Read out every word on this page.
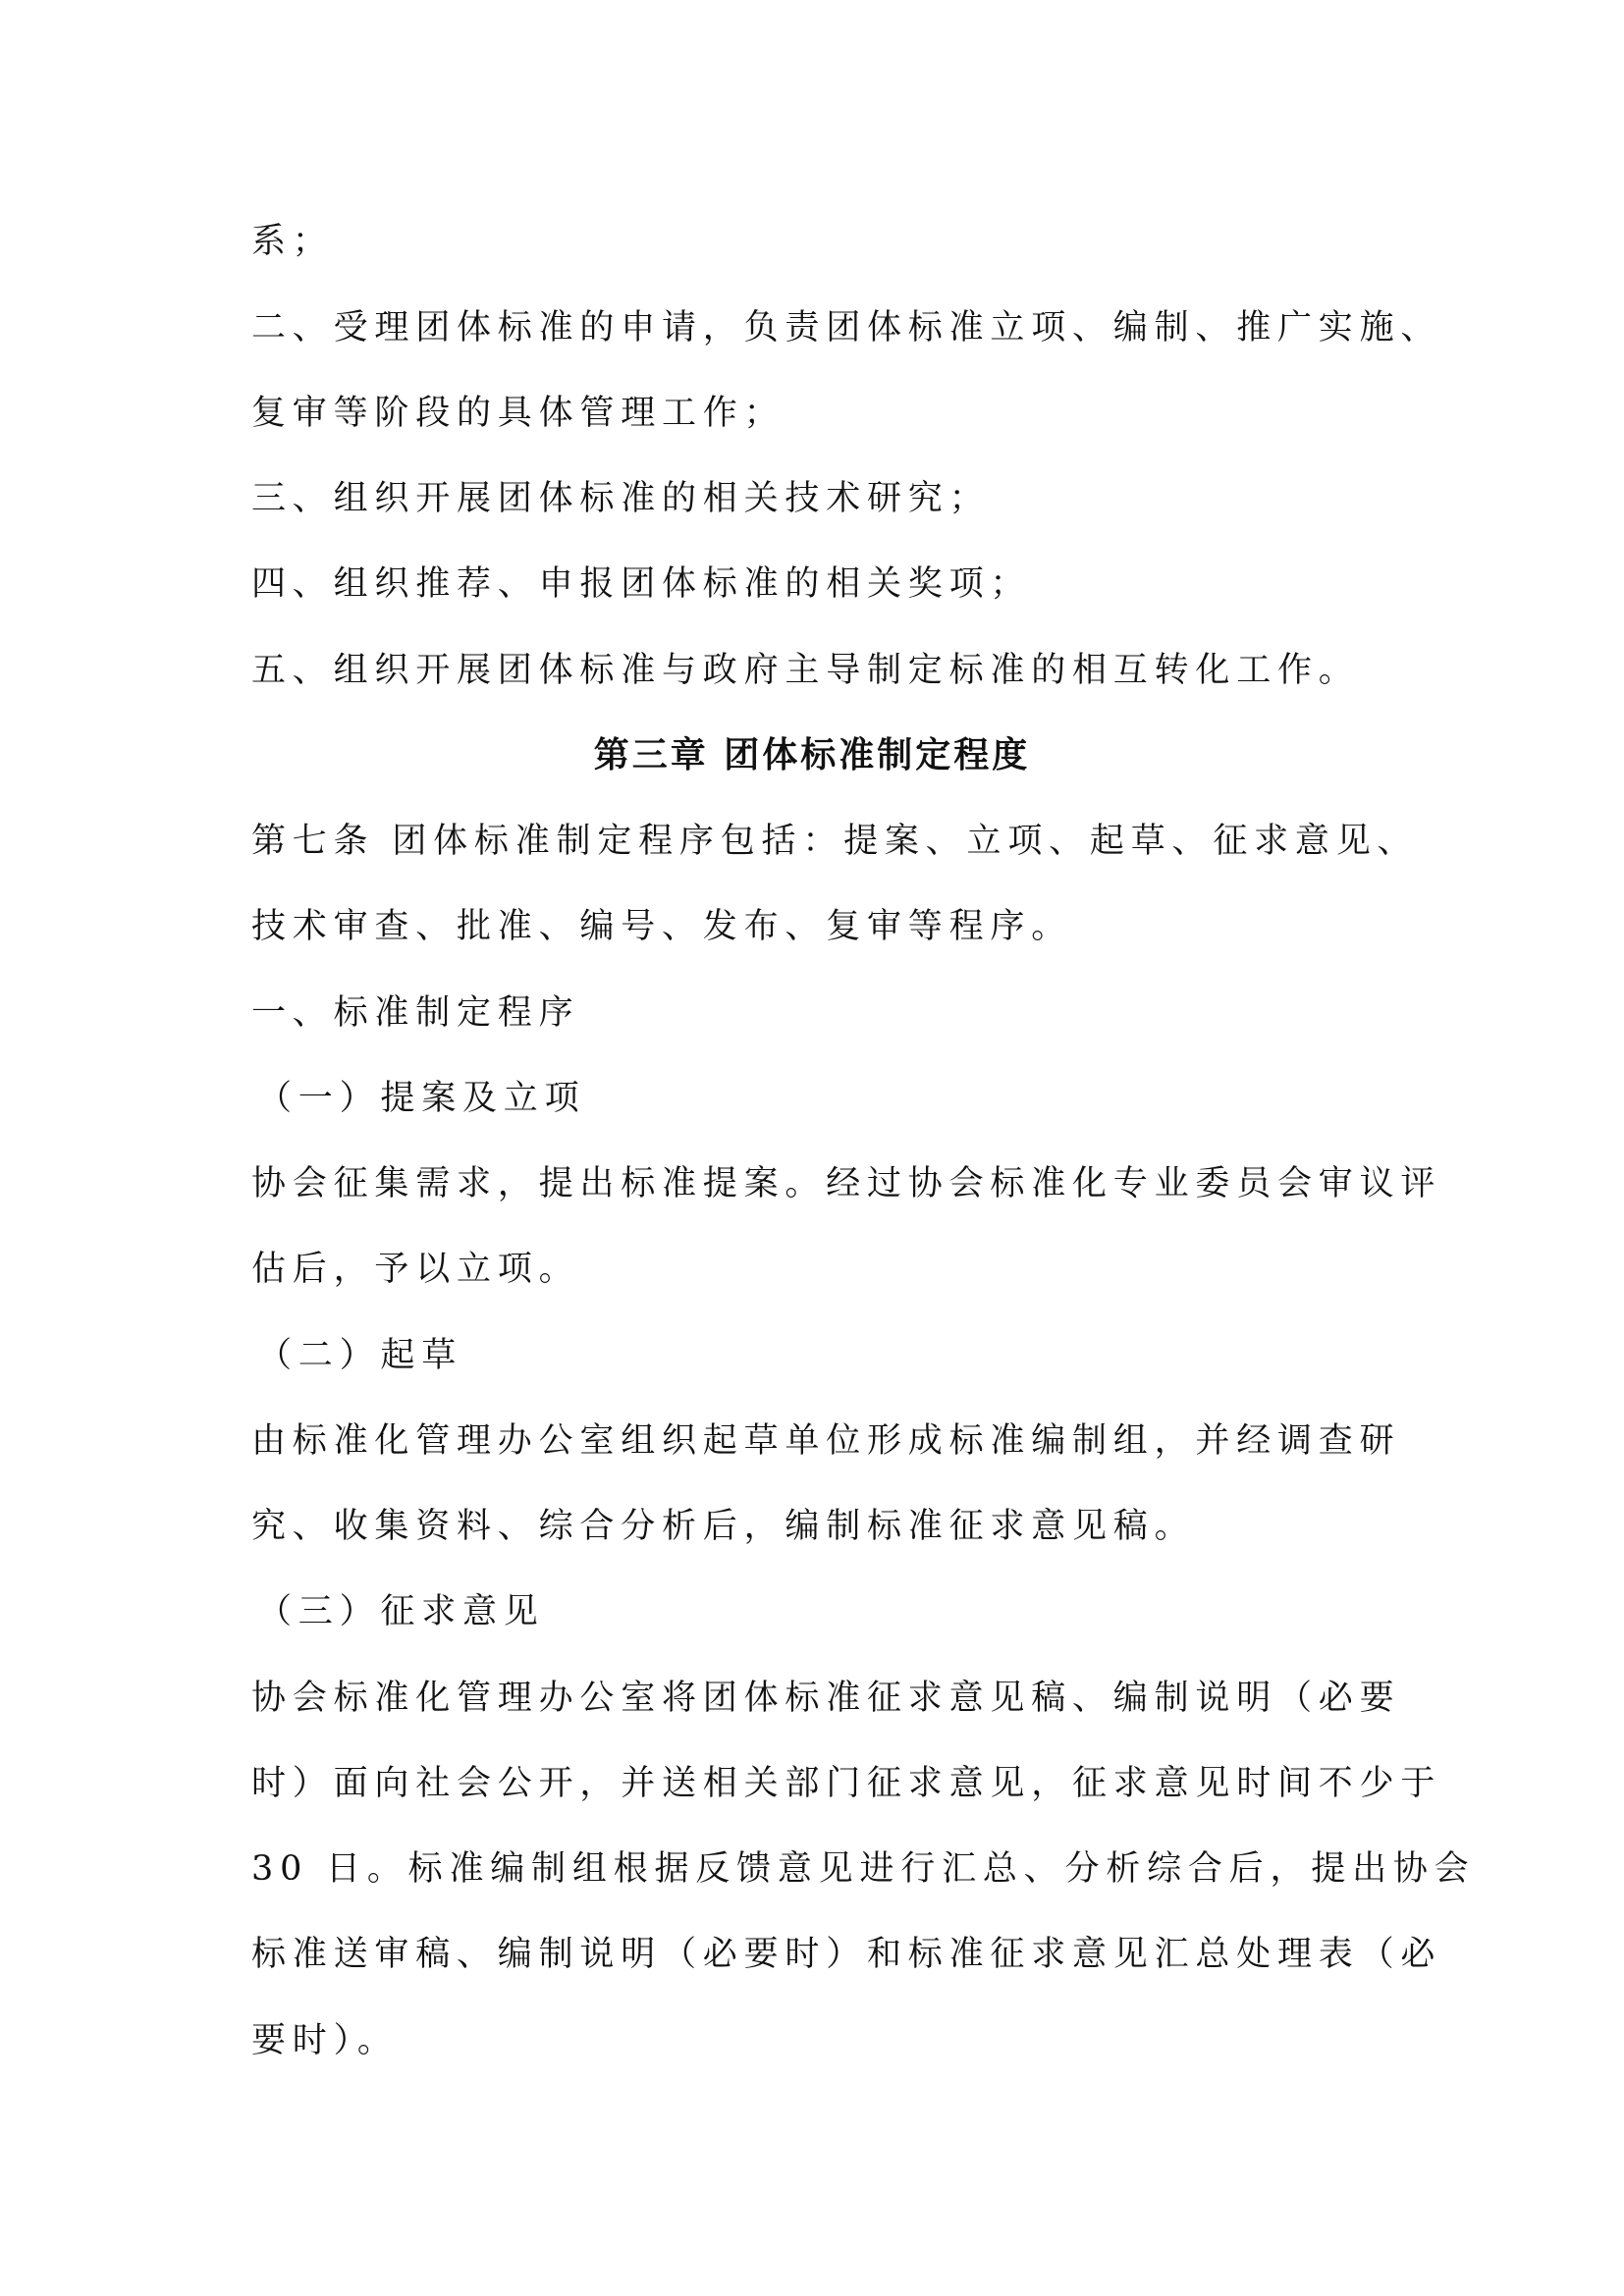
系；

二、受理团体标准的申请，负责团体标准立项、编制、推广实施、

复审等阶段的具体管理工作；

三、组织开展团体标准的相关技术研究；

四、组织推荐、申报团体标准的相关奖项；

五、组织开展团体标准与政府主导制定标准的相互转化工作。

第三章 团体标准制定程度

第七条 团体标准制定程序包括：提案、立项、起草、征求意见、

技术审查、批准、编号、发布、复审等程序。

一、标准制定程序

（一）提案及立项

协会征集需求，提出标准提案。经过协会标准化专业委员会审议评

估后，予以立项。

（二）起草

由标准化管理办公室组织起草单位形成标准编制组，并经调查研

究、收集资料、综合分析后，编制标准征求意见稿。

（三）征求意见

协会标准化管理办公室将团体标准征求意见稿、编制说明（必要

时）面向社会公开，并送相关部门征求意见，征求意见时间不少于

30 日。标准编制组根据反馈意见进行汇总、分析综合后，提出协会

标准送审稿、编制说明（必要时）和标准征求意见汇总处理表（必

要时）。
